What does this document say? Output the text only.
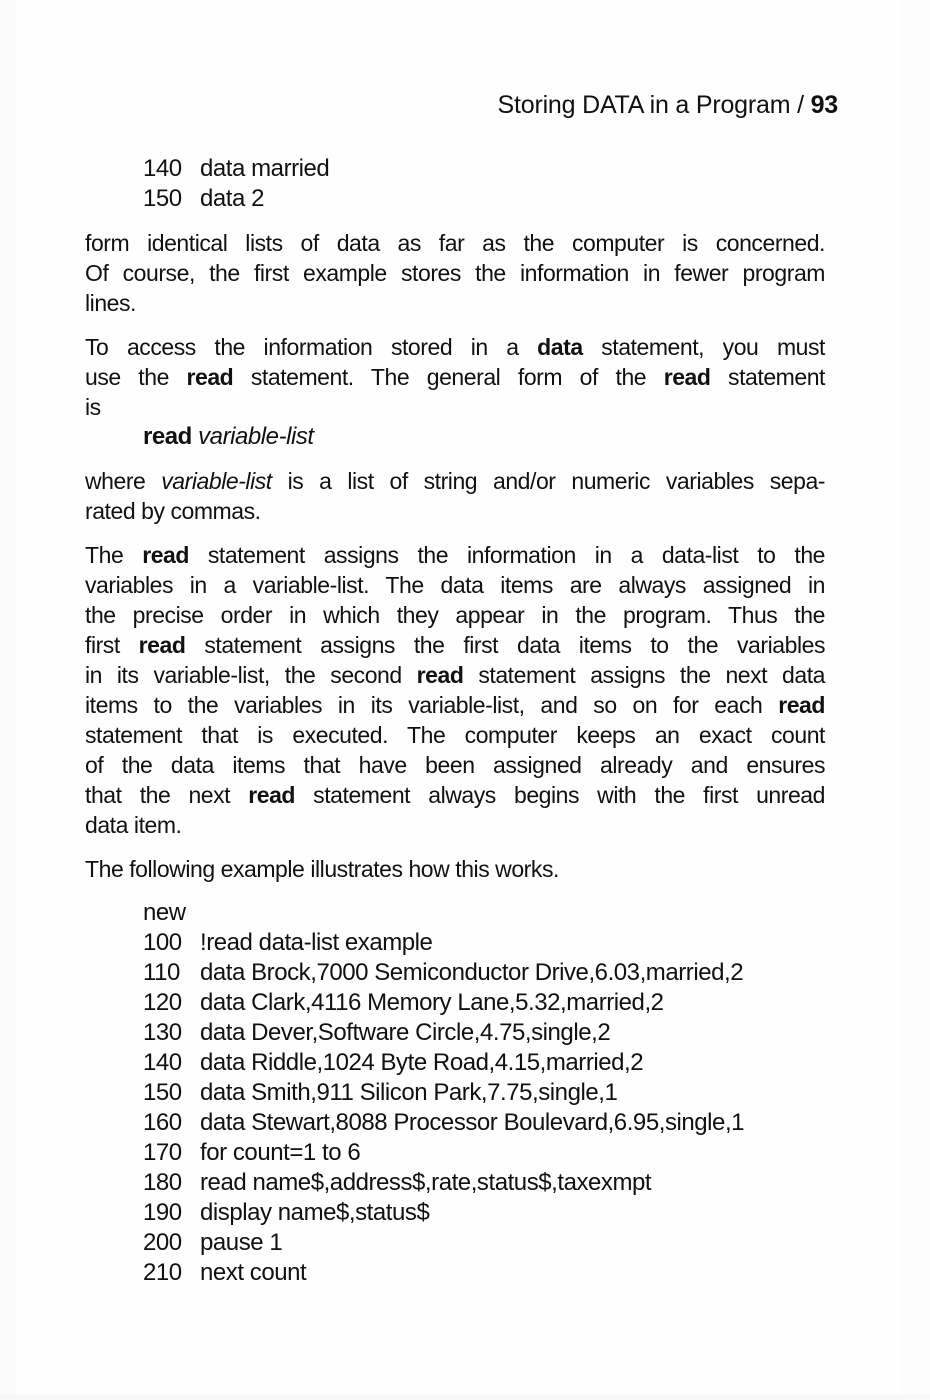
Storing DATA in a Program / 93
140 data married
150 data 2
form identical lists of data as far as the computer is concerned.
Of course, the first example stores the information in fewer program
lines.
To access the information stored in a data statement, you must
use the read statement. The general form of the read statement
is
read variable-list
where variable-list is a list of string and/or numeric variables sepa-
rated by commas.
The read statement assigns the information in a data-list to the
variables in a variable-list. The data items are always assigned in
the precise order in which they appear in the program. Thus the
first read statement assigns the first data items to the variables
in its variable-list, the second read statement assigns the next data
items to the variables in its variable-list, and so on for each read
statement that is executed. The computer keeps an exact count
of the data items that have been assigned already and ensures
that the next read statement always begins with the first unread
data item.
The following example illustrates how this works.
new
100 !read data-list example
110 data Brock,7000 Semiconductor Drive,6.03,married,2
120 data Clark,4116 Memory Lane,5.32,married,2
130 data Dever,Software Circle,4.75,single,2
140 data Riddle,1024 Byte Road,4.15,married,2
150 data Smith,911 Silicon Park,7.75,single,1
160 data Stewart,8088 Processor Boulevard,6.95,single,1
170 for count=1 to 6
180 read name$,address$,rate,status$,taxexmpt
190 display name$,status$
200 pause 1
210 next count
